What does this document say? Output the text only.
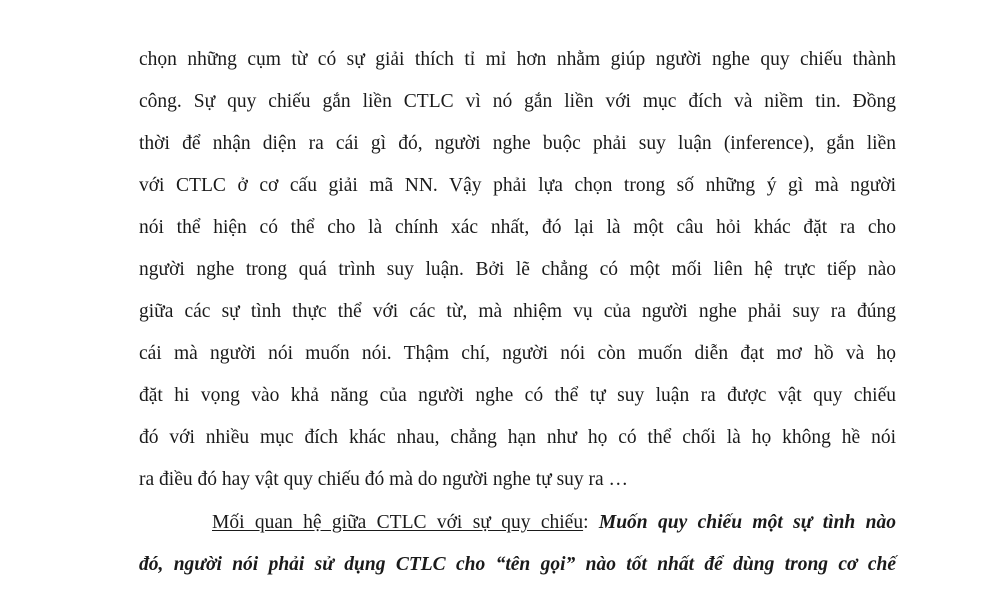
chọn những cụm từ có sự giải thích tỉ mỉ hơn nhằm giúp người nghe quy chiếu thành
công. Sự quy chiếu gắn liền CTLC vì nó gắn liền với mục đích và niềm tin. Đồng
thời để nhận diện ra cái gì đó, người nghe buộc phải suy luận (inference), gắn liền
với CTLC ở cơ cấu giải mã NN. Vậy phải lựa chọn trong số những ý gì mà người
nói thể hiện có thể cho là chính xác nhất, đó lại là một câu hỏi khác đặt ra cho
người nghe trong quá trình suy luận. Bởi lẽ chẳng có một mối liên hệ trực tiếp nào
giữa các sự tình thực thể với các từ, mà nhiệm vụ của người nghe phải suy ra đúng
cái mà người nói muốn nói. Thậm chí, người nói còn muốn diễn đạt mơ hồ và họ
đặt hi vọng vào khả năng của người nghe có thể tự suy luận ra được vật quy chiếu
đó với nhiều mục đích khác nhau, chẳng hạn như họ có thể chối là họ không hề nói
ra điều đó hay vật quy chiếu đó mà do người nghe tự suy ra …
Mối quan hệ giữa CTLC với sự quy chiếu: Muốn quy chiếu một sự tình nào
đó, người nói phải sử dụng CTLC cho “tên gọi” nào tốt nhất để dùng trong cơ chế
